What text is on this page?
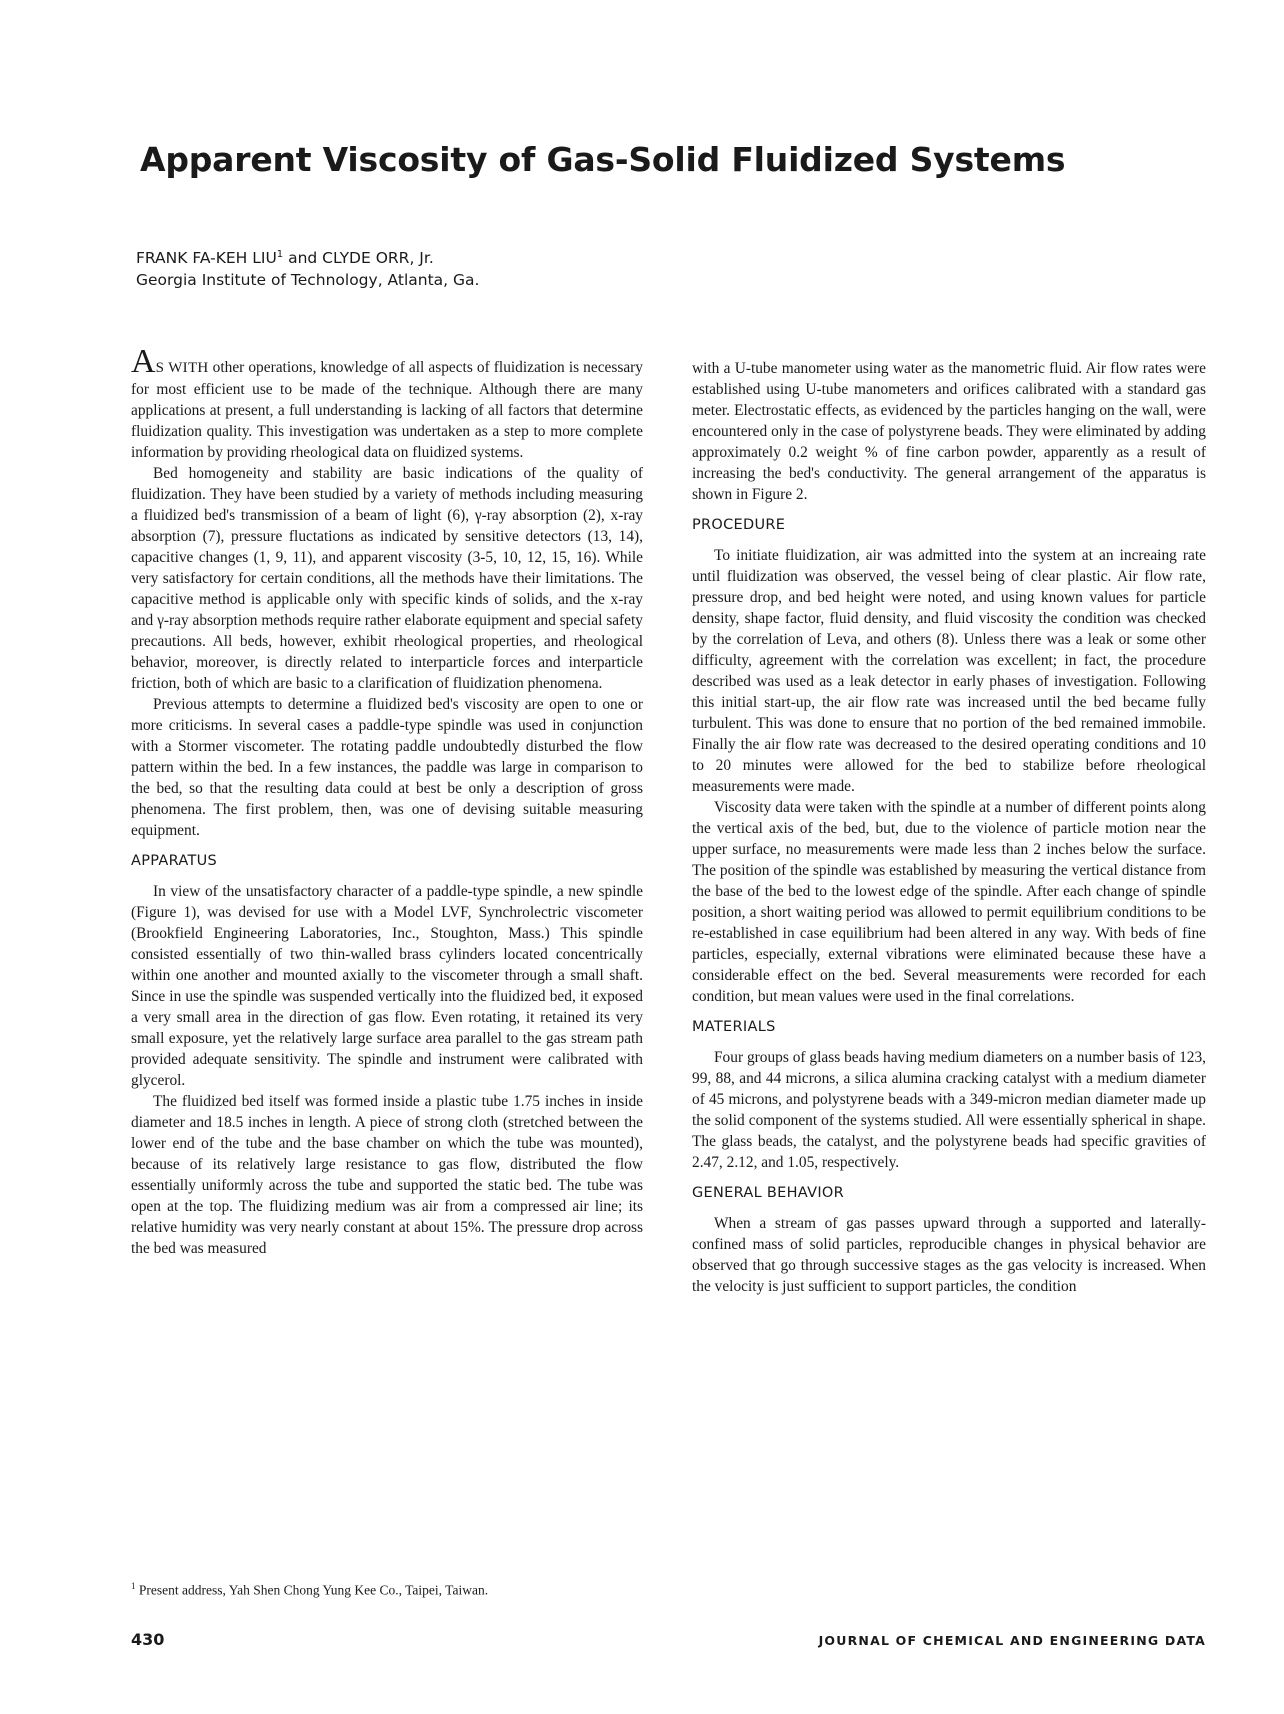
Apparent Viscosity of Gas-Solid Fluidized Systems
FRANK FA-KEH LIU$^1$ and CLYDE ORR, Jr.
Georgia Institute of Technology, Atlanta, Ga.

AS WITH other operations, knowledge of all aspects of fluidization is necessary for most efficient use to be made of the technique. Although there are many applications at present, a full understanding is lacking of all factors that determine fluidization quality. This investigation was undertaken as a step to more complete information by providing rheological data on fluidized systems.

Bed homogeneity and stability are basic indications of the quality of fluidization. They have been studied by a variety of methods including measuring a fluidized bed's transmission of a beam of light (6), γ-ray absorption (2), x-ray absorption (7), pressure fluctations as indicated by sensitive detectors (13, 14), capacitive changes (1, 9, 11), and apparent viscosity (3-5, 10, 12, 15, 16). While very satisfactory for certain conditions, all the methods have their limitations. The capacitive method is applicable only with specific kinds of solids, and the x-ray and γ-ray absorption methods require rather elaborate equipment and special safety precautions. All beds, however, exhibit rheological properties, and rheological behavior, moreover, is directly related to interparticle forces and interparticle friction, both of which are basic to a clarification of fluidization phenomena.

Previous attempts to determine a fluidized bed's viscosity are open to one or more criticisms. In several cases a paddle-type spindle was used in conjunction with a Stormer viscometer. The rotating paddle undoubtedly disturbed the flow pattern within the bed. In a few instances, the paddle was large in comparison to the bed, so that the resulting data could at best be only a description of gross phenomena. The first problem, then, was one of devising suitable measuring equipment.

APPARATUS

In view of the unsatisfactory character of a paddle-type spindle, a new spindle (Figure 1), was devised for use with a Model LVF, Synchrolectric viscometer (Brookfield Engineering Laboratories, Inc., Stoughton, Mass.) This spindle consisted essentially of two thin-walled brass cylinders located concentrically within one another and mounted axially to the viscometer through a small shaft. Since in use the spindle was suspended vertically into the fluidized bed, it exposed a very small area in the direction of gas flow. Even rotating, it retained its very small exposure, yet the relatively large surface area parallel to the gas stream path provided adequate sensitivity. The spindle and instrument were calibrated with glycerol.

The fluidized bed itself was formed inside a plastic tube 1.75 inches in inside diameter and 18.5 inches in length. A piece of strong cloth (stretched between the lower end of the tube and the base chamber on which the tube was mounted), because of its relatively large resistance to gas flow, distributed the flow essentially uniformly across the tube and supported the static bed. The tube was open at the top. The fluidizing medium was air from a compressed air line; its relative humidity was very nearly constant at about 15%. The pressure drop across the bed was measured

with a U-tube manometer using water as the manometric fluid. Air flow rates were established using U-tube manometers and orifices calibrated with a standard gas meter. Electrostatic effects, as evidenced by the particles hanging on the wall, were encountered only in the case of polystyrene beads. They were eliminated by adding approximately 0.2 weight % of fine carbon powder, apparently as a result of increasing the bed's conductivity. The general arrangement of the apparatus is shown in Figure 2.

PROCEDURE

To initiate fluidization, air was admitted into the system at an increaing rate until fluidization was observed, the vessel being of clear plastic. Air flow rate, pressure drop, and bed height were noted, and using known values for particle density, shape factor, fluid density, and fluid viscosity the condition was checked by the correlation of Leva, and others (8). Unless there was a leak or some other difficulty, agreement with the correlation was excellent; in fact, the procedure described was used as a leak detector in early phases of investigation. Following this initial start-up, the air flow rate was increased until the bed became fully turbulent. This was done to ensure that no portion of the bed remained immobile. Finally the air flow rate was decreased to the desired operating conditions and 10 to 20 minutes were allowed for the bed to stabilize before rheological measurements were made.

Viscosity data were taken with the spindle at a number of different points along the vertical axis of the bed, but, due to the violence of particle motion near the upper surface, no measurements were made less than 2 inches below the surface. The position of the spindle was established by measuring the vertical distance from the base of the bed to the lowest edge of the spindle. After each change of spindle position, a short waiting period was allowed to permit equilibrium conditions to be re-established in case equilibrium had been altered in any way. With beds of fine particles, especially, external vibrations were eliminated because these have a considerable effect on the bed. Several measurements were recorded for each condition, but mean values were used in the final correlations.

MATERIALS

Four groups of glass beads having medium diameters on a number basis of 123, 99, 88, and 44 microns, a silica alumina cracking catalyst with a medium diameter of 45 microns, and polystyrene beads with a 349-micron median diameter made up the solid component of the systems studied. All were essentially spherical in shape. The glass beads, the catalyst, and the polystyrene beads had specific gravities of 2.47, 2.12, and 1.05, respectively.

GENERAL BEHAVIOR

When a stream of gas passes upward through a supported and laterally-confined mass of solid particles, reproducible changes in physical behavior are observed that go through successive stages as the gas velocity is increased. When the velocity is just sufficient to support particles, the condition

$^1$ Present address, Yah Shen Chong Yung Kee Co., Taipei, Taiwan.
430	JOURNAL OF CHEMICAL AND ENGINEERING DATA
